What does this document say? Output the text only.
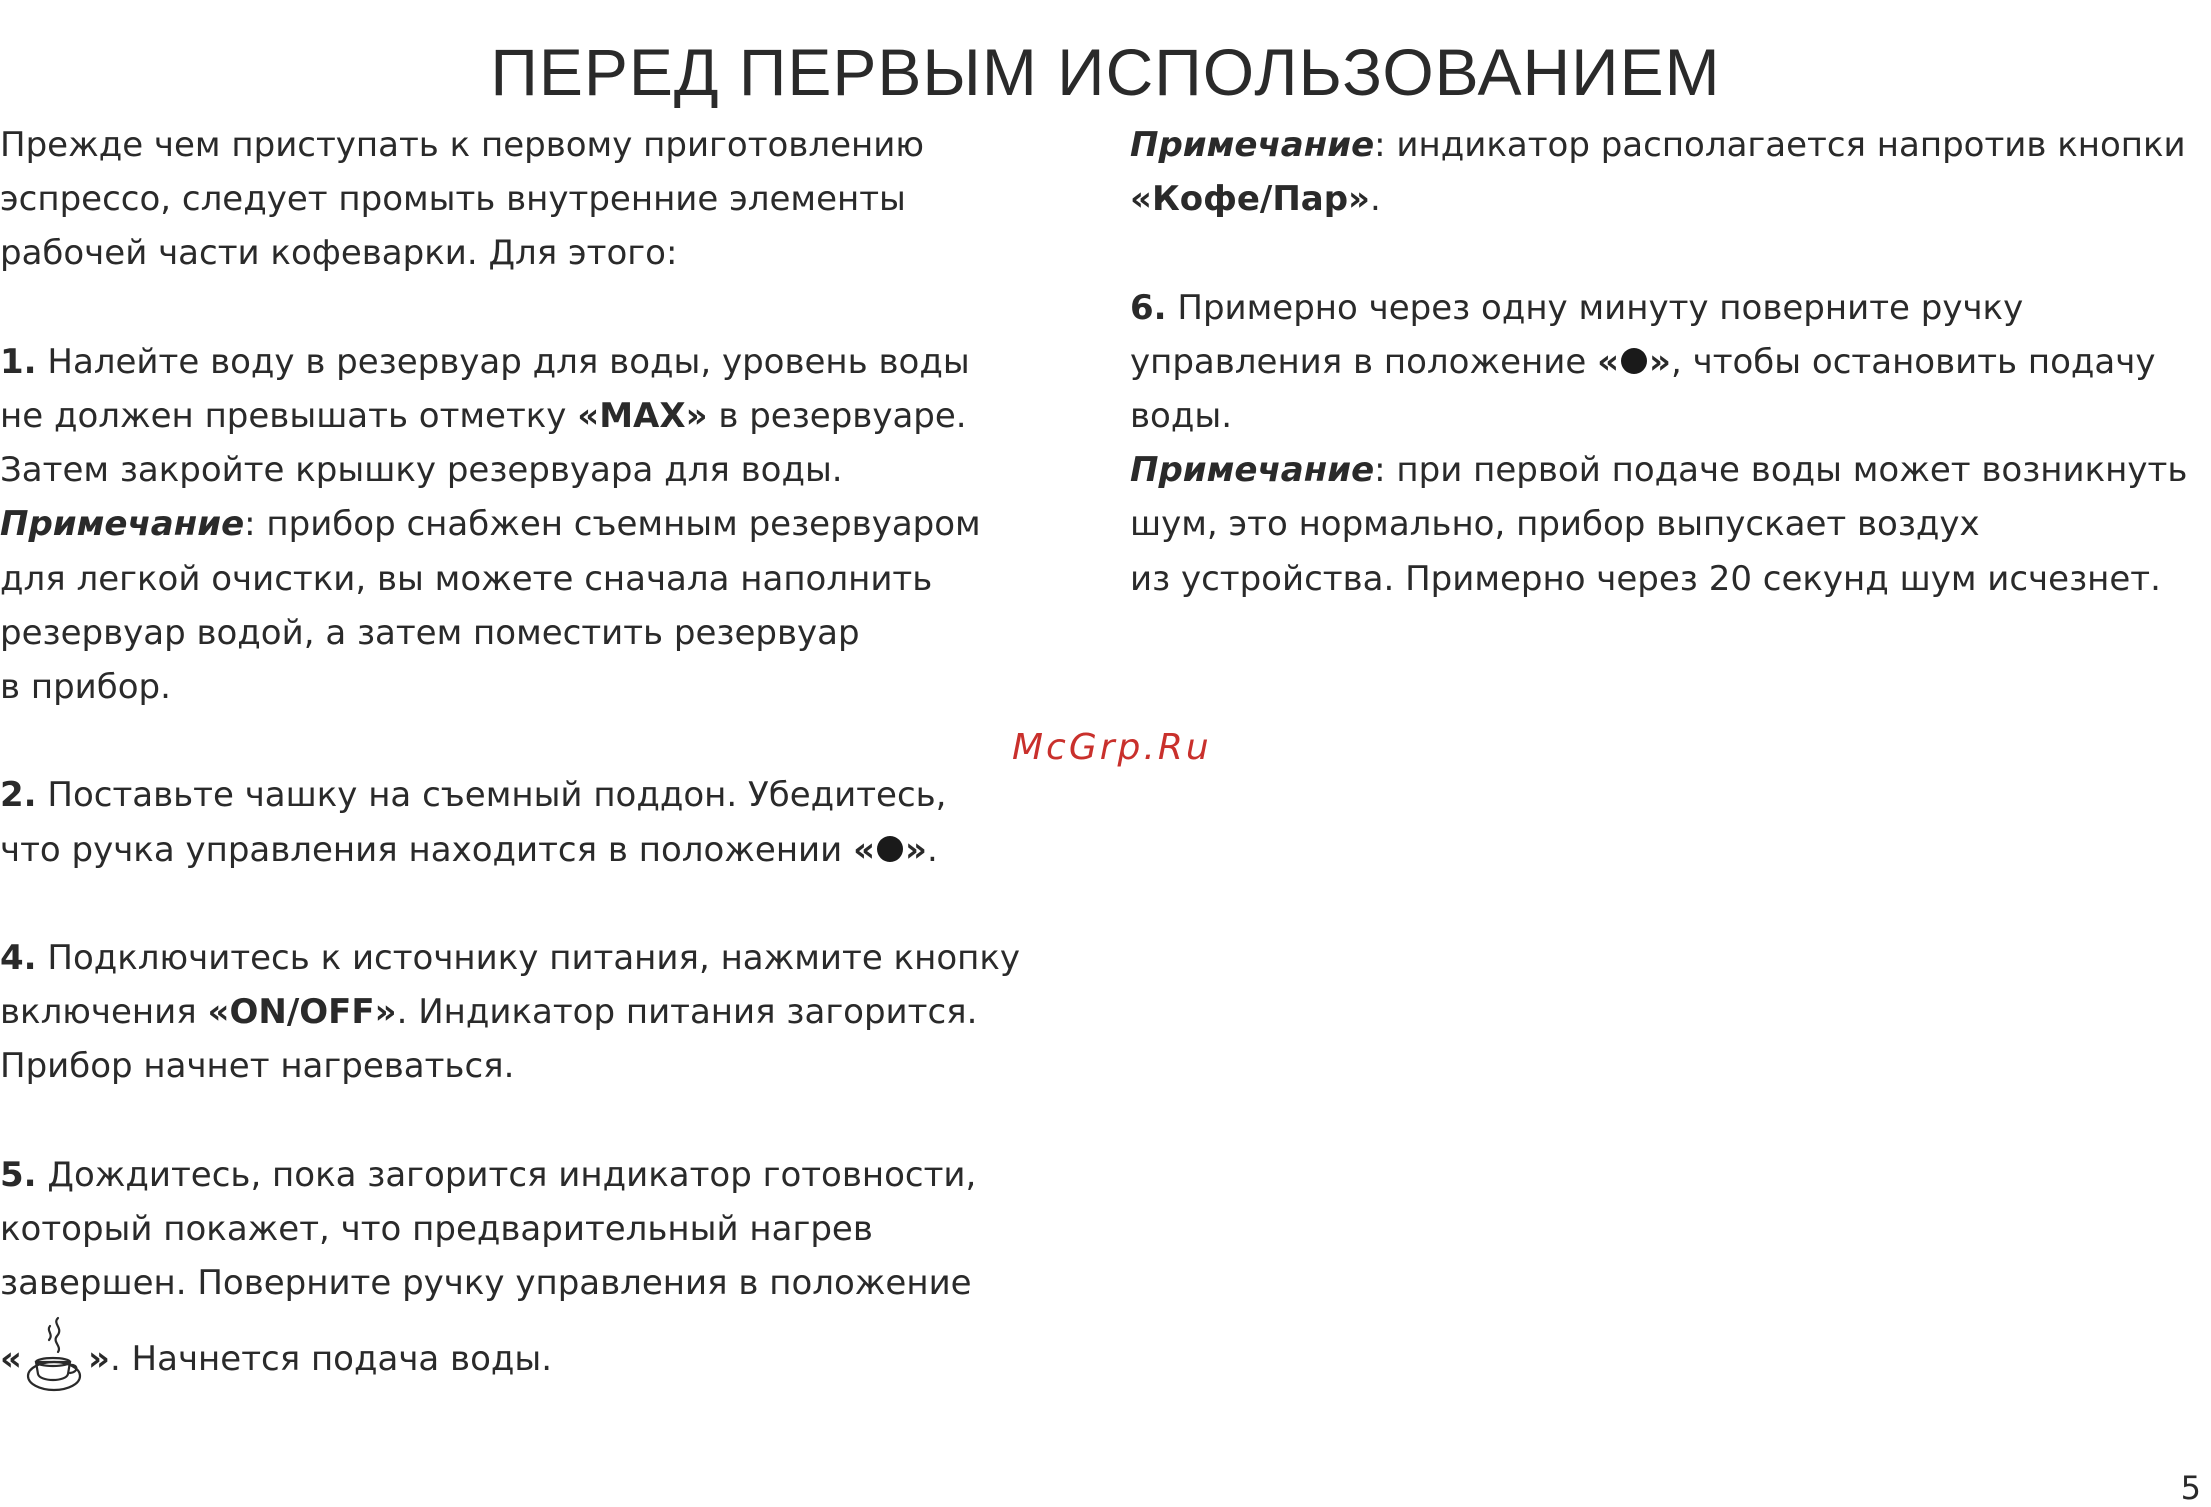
ПЕРЕД ПЕРВЫМ ИСПОЛЬЗОВАНИЕМ

Прежде чем приступать к первому приготовлению

эспрессо, следует промыть внутренние элементы

рабочей части кофеварки. Для этого:

1. Налейте воду в резервуар для воды, уровень воды

не должен превышать отметку «MAX» в резервуаре.

Затем закройте крышку резервуара для воды.

Примечание: прибор снабжен съемным резервуаром

для легкой очистки, вы можете сначала наполнить

резервуар водой, а затем поместить резервуар

в прибор.

2. Поставьте чашку на съемный поддон. Убедитесь,

что ручка управления находится в положении « ».

4. Подключитесь к источнику питания, нажмите кнопку

включения «ON/OFF». Индикатор питания загорится.

Прибор начнет нагреваться.

5. Дождитесь, пока загорится индикатор готовности,

который покажет, что предварительный нагрев

завершен. Поверните ручку управления в положение

« ». Начнется подача воды.

Примечание: индикатор располагается напротив кнопки

«Кофе/Пар».

6. Примерно через одну минуту поверните ручку

управления в положение « », чтобы остановить подачу

воды.

Примечание: при первой подаче воды может возникнуть

шум, это нормально, прибор выпускает воздух

из устройства. Примерно через 20 секунд шум исчезнет.

McGrp.Ru
5
